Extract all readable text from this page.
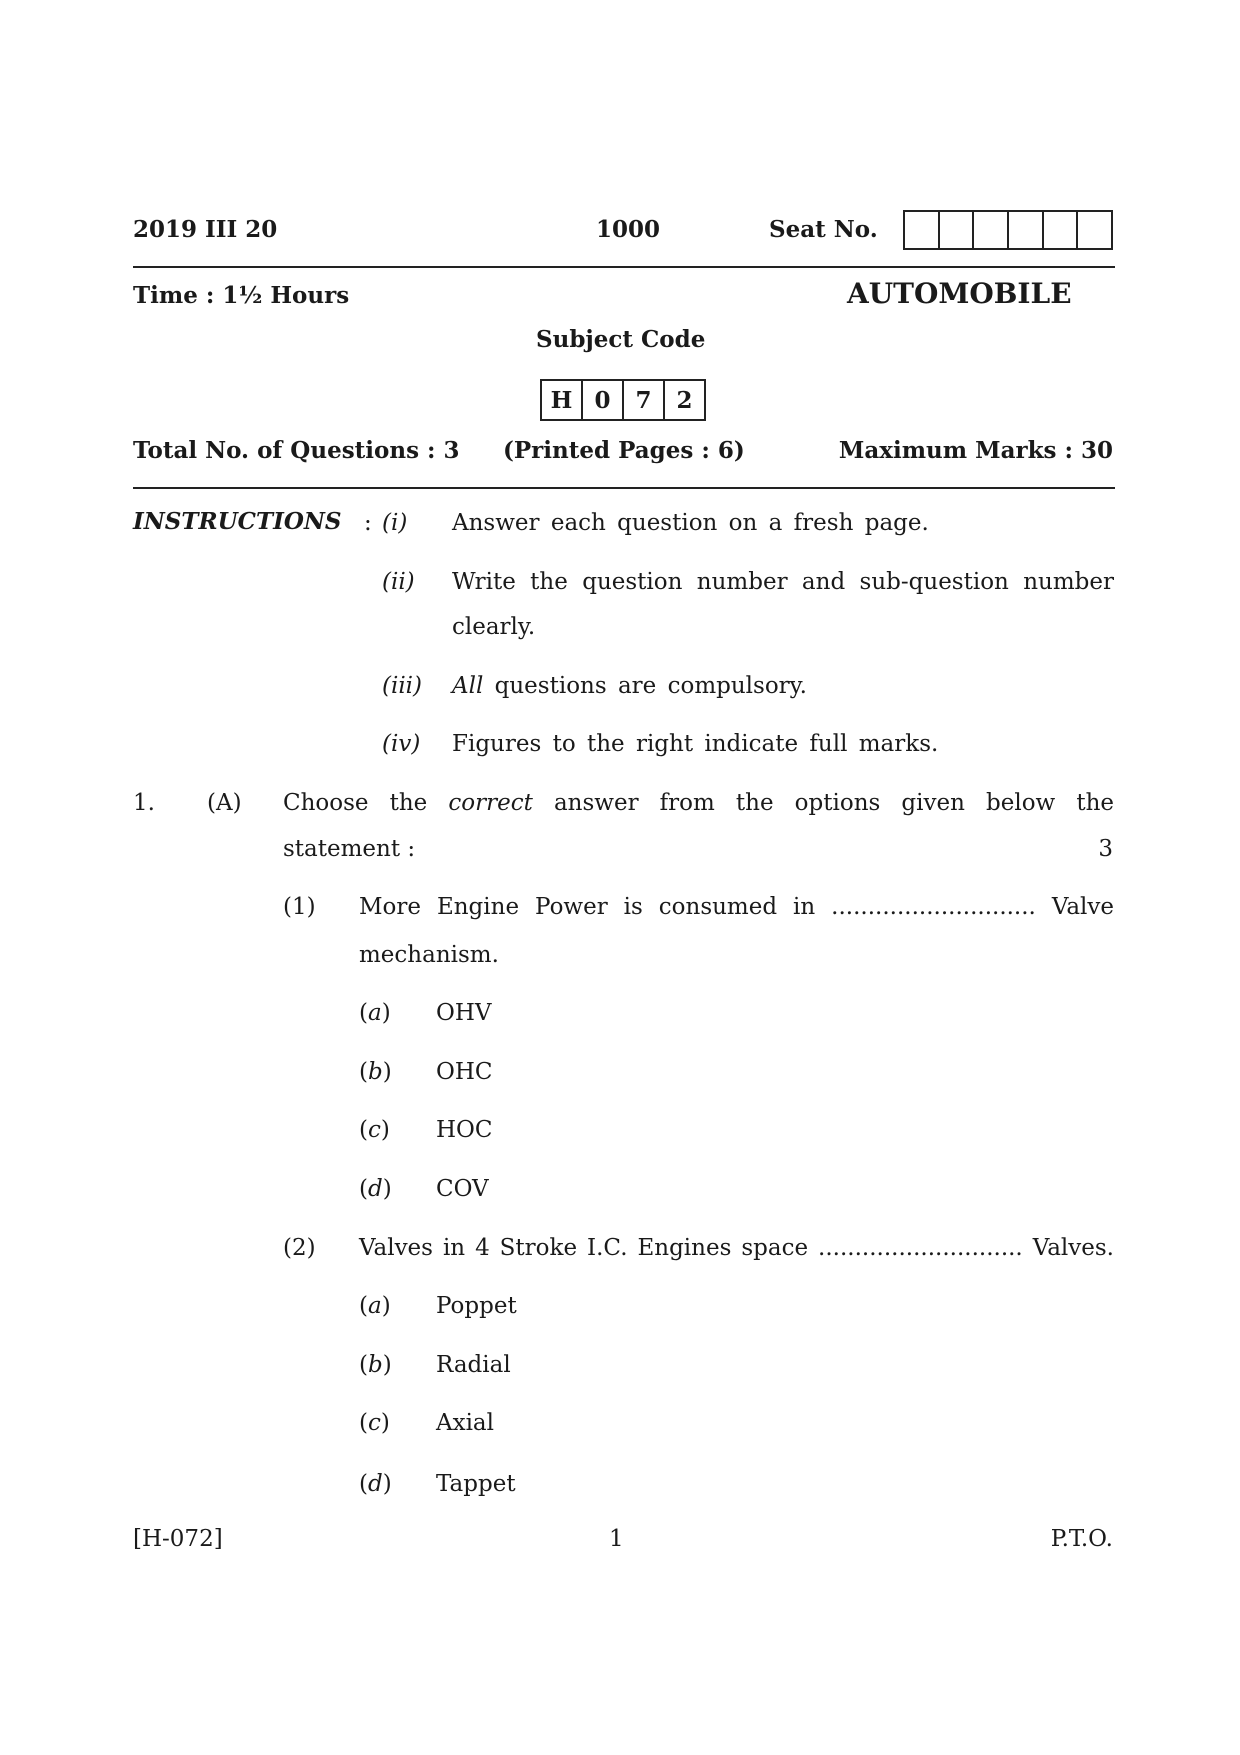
2019 III 20	1000	Seat No.
Time : 1½ Hours	AUTOMOBILE
Subject Code
H 0	7	2
Total No. of Questions : 3 (Printed Pages : 6)	Maximum Marks : 30
INSTRUCTIONS : (i) Answer each question on a fresh page.
(ii) Write the question number and sub-question number
clearly.
(iii) All questions are compulsory.
(iv) Figures to the right indicate full marks.
1. (A) Choose the correct answer from the options given below the
statement :	3
(1) More Engine Power is consumed in ............................ Valve
mechanism.
(a) OHV
(b) OHC
(c) HOC
(d) COV
(2) Valves in 4 Stroke I.C. Engines space ............................ Valves.
(a) Poppet
(b) Radial
(c) Axial
(d) Tappet
[H-072]	1	P.T.O.
